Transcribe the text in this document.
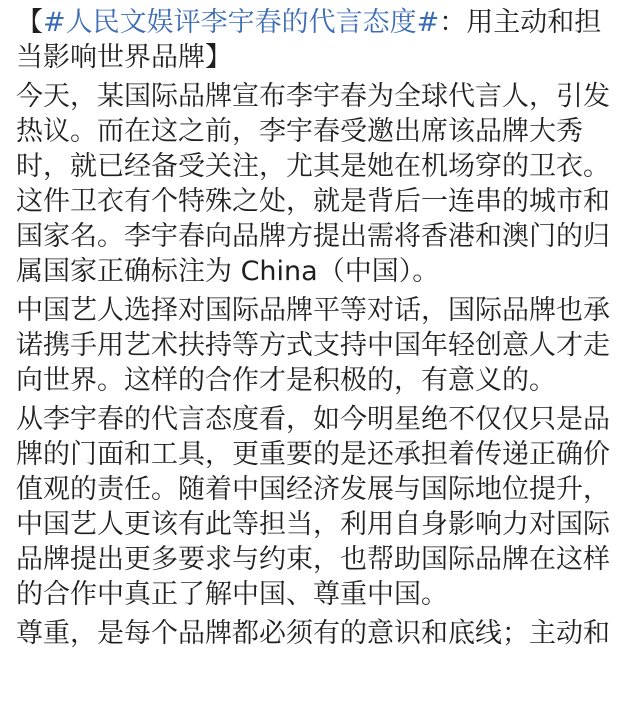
【#人民文娱评李宇春的代言态度#：用主动和担当影响世界品牌】
今天，某国际品牌宣布李宇春为全球代言人，引发热议。而在这之前，李宇春受邀出席该品牌大秀时，就已经备受关注，尤其是她在机场穿的卫衣。这件卫衣有个特殊之处，就是背后一连串的城市和国家名。李宇春向品牌方提出需将香港和澳门的归属国家正确标注为 China（中国）。
中国艺人选择对国际品牌平等对话，国际品牌也承诺携手用艺术扶持等方式支持中国年轻创意人才走向世界。这样的合作才是积极的，有意义的。
从李宇春的代言态度看，如今明星绝不仅仅只是品牌的门面和工具，更重要的是还承担着传递正确价值观的责任。随着中国经济发展与国际地位提升，中国艺人更该有此等担当，利用自身影响力对国际品牌提出更多要求与约束，也帮助国际品牌在这样的合作中真正了解中国、尊重中国。
尊重，是每个品牌都必须有的意识和底线；主动和
